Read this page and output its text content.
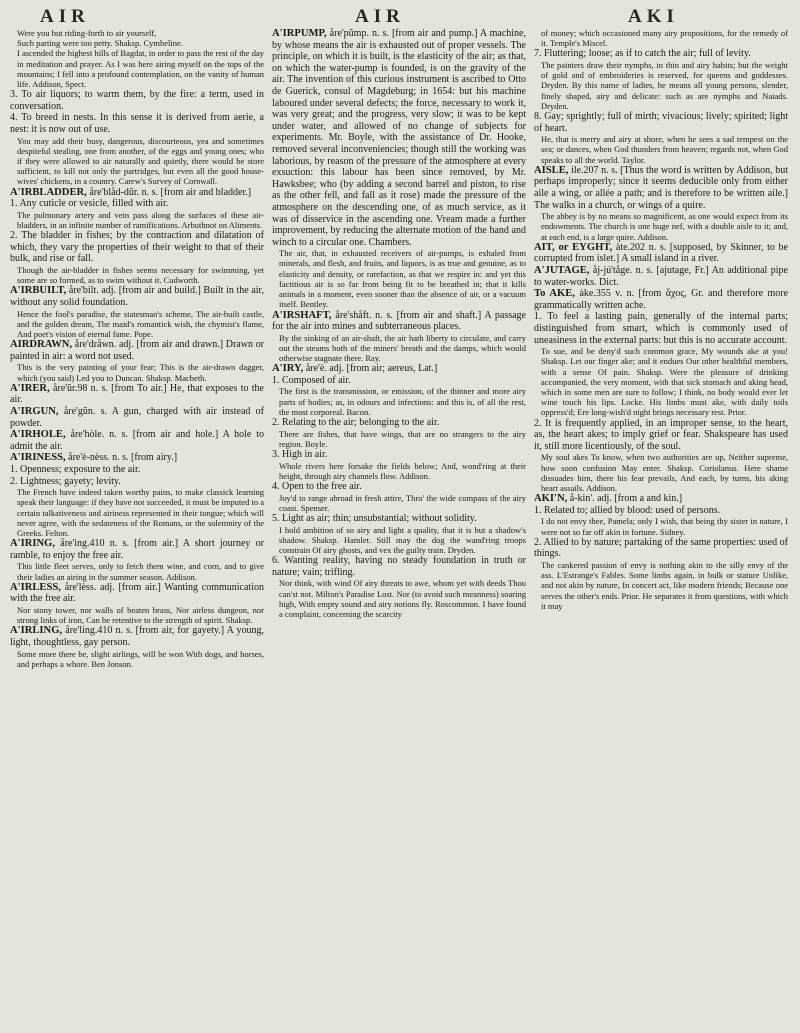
AIR	AIR	AKI

Were you but riding-forth to air yourself,

Such parting were too petty. Shaksp. Cymbeline.

I ascended the highest hills of Bagdat, in order to pass the rest of the day in meditation and prayer. As I was here airing myself on the tops of the mountains; I fell into a profound contemplation, on the vanity of human life. Addison, Spect.

3. To air liquors; to warm them, by the fire: a term, used in conversation.

4. To breed in nests. In this sense it is derived from aerie, a nest: it is now out of use.

You may add their busy, dangerous, discourteous, yea and sometimes despiteful stealing, one from another, of the eggs and young ones; who if they were allowed to air naturally and quietly, there would be store sufficient, to kill not only the partridges, but even all the good house-wives' chickens, in a country. Carew's Survey of Cornwall.

A'IRBLADDER, åre'blåd-dŭr. n. s. [from air and bladder.]

1. Any cuticle or vesicle, filled with air.

The pulmonary artery and vein pass along the surfaces of these air-bladders, in an infinite number of ramifications. Arbuthnot on Aliments.

2. The bladder in fishes; by the contraction and dilatation of which, they vary the properties of their weight to that of their bulk, and rise or fall.

Though the air-bladder in fishes seems necessary for swimming, yet some are so formed, as to swim without it. Cudworth.

A'IRBUILT, åre'bilt. adj. [from air and build.] Built in the air, without any solid foundation.

Hence the fool's paradise, the statesman's scheme, The air-built castle, and the golden dream, The maid's romantick wish, the chymist's flame, And poet's vision of eternal fame. Pope.

AIRDRAWN, åre'dråwn. adj. [from air and drawn.] Drawn or painted in air: a word not used.

This is the very painting of your fear; This is the air-drawn dagger, which (you said) Led you to Duncan. Shaksp. Macbeth.

A'IRER, åre'ŭr.98 n. s. [from To air.] He, that exposes to the air.

A'IRGUN, åre'gŭn. s. A gun, charged with air instead of powder.

A'IRHOLE, åre'hòle. n. s. [from air and hole.] A hole to admit the air.

A'IRINESS, åre'è-nèss. n. s. [from airy.]

1. Openness; exposure to the air.

2. Lightness; gayety; levity.

The French have indeed taken worthy pains, to make classick learning speak their language: if they have not succeeded, it must be imputed to a certain talkativeness and airiness represented in their tongue; which will never agree, with the sedateness of the Romans, or the solemnity of the Greeks. Felton.

A'IRING, åre'ing.410 n. s. [from air.] A short journey or ramble, to enjoy the free air.

This little fleet serves, only to fetch them wine, and corn, and to give their ladies an airing in the summer season. Addison.

A'IRLESS, åre'lèss. adj. [from air.] Wanting communication with the free air.

Nor stony tower, nor walls of beaten brass, Nor airless dungeon, nor strong links of iron, Can be retentive to the strength of spirit. Shaksp.

A'IRLING, åre'ling.410 n. s. [from air, for gayety.] A young, light, thoughtless, gay person.

Some more there be, slight airlings, will be won With dogs, and horses, and perhaps a whore. Ben Jonson.

A'IRPUMP, åre'pŭmp. n. s. [from air and pump.] A machine, by whose means the air is exhausted out of proper vessels. The principle, on which it is built, is the elasticity of the air; as that, on which the water-pump is founded, is on the gravity of the air. The invention of this curious instrument is ascribed to Otto de Guerick, consul of Magdeburg; in 1654: but his machine laboured under several defects; the force, necessary to work it, was very great; and the progress, very slow; it was to be kept under water, and allowed of no change of subjects for experiments. Mr. Boyle, with the assistance of Dr. Hooke, removed several inconveniencies; though still the working was laborious, by reason of the pressure of the atmosphere at every exsuction: this labour has been since removed, by Mr. Hawksbee; who (by adding a second barrel and piston, to rise as the other fell, and fall as it rose) made the pressure of the atmosphere on the descending one, of as much service, as it was of disservice in the ascending one. Vream made a further improvement, by reducing the alternate motion of the hand and winch to a circular one. Chambers.

The air, that, in exhausted receivers of air-pumps, is exhaled from minerals, and flesh, and fruits, and liquors, is as true and genuine, as to elasticity and density, or rarefaction, as that we respire in: and yet this factitious air is so far from being fit to be breathed in; that it kills animals in a moment, even sooner than the absence of air, or a vacuum itself. Bentley.

A'IRSHAFT, åre'shåft. n. s. [from air and shaft.] A passage for the air into mines and subterraneous places.

By the sinking of an air-shaft, the air hath liberty to circulate, and carry out the steams both of the miners' breath and the damps, which would otherwise stagnate there. Ray.

A'IRY, åre'è. adj. [from air; aereus, Lat.]

1. Composed of air.

The first is the transmission, or emission, of the thinner and more airy parts of bodies; as, in odours and infections: and this is, of all the rest, the most corporeal. Bacon.

2. Relating to the air; belonging to the air.

There are fishes, that have wings, that are no strangers to the airy region. Boyle.

3. High in air.

Whole rivers here forsake the fields below; And, wond'ring at their height, through airy channels flow. Addison.

4. Open to the free air.

Joy'd to range abroad in fresh attire, Thro' the wide compass of the airy coast. Spenser.

5. Light as air; thin; unsubstantial; without solidity.

I hold ambition of so airy and light a quality, that it is but a shadow's shadow. Shaksp. Hamlet. Still may the dog the wand'ring troops constrain Of airy ghosts, and vex the guilty train. Dryden.

6. Wanting reality, having no steady foundation in truth or nature; vain; trifling.

Nor think, with wind Of airy threats to awe, whom yet with deeds Thou can'st not. Milton's Paradise Lost. Nor (to avoid such meanness) soaring high, With empty sound and airy notions fly. Roscommon. I have found a complaint, concerning the scarcity

of money; which occasioned many airy propositions, for the remedy of it. Temple's Miscel.

7. Fluttering; loose; as if to catch the air; full of levity.

The painters draw their nymphs, in thin and airy habits; but the weight of gold and of embroideries is reserved, for queens and goddesses. Dryden. By this name of ladies, he means all young persons, slender, finely shaped, airy and delicate: such as are nymphs and Naiads. Dryden.

8. Gay; sprightly; full of mirth; vivacious; lively; spirited; light of heart.

He, that is merry and airy at shore, when he sees a sad tempest on the sea; or dances, when God thunders from heaven; regards not, when God speaks to all the world. Taylor.

AISLE, ile.207 n. s. [Thus the word is written by Addison, but perhaps improperly; since it seems deducible only from either aile a wing, or allée a path; and is therefore to be written aile.] The walks in a church, or wings of a quire.

The abbey is by no means so magnificent, as one would expect from its endowments. The church is one huge nef, with a double aisle to it; and, at each end, is a large quire. Addison.

AIT, or EYGHT, àte.202 n. s. [supposed, by Skinner, to be corrupted from islet.] A small island in a river.

A'JUTAGE, åj-jú'tåge. n. s. [ajutage, Fr.] An additional pipe to water-works. Dict.

To AKE, àke.355 v. n. [from ἄχος, Gr. and therefore more grammatically written ache.

1. To feel a lasting pain, generally of the internal parts; distinguished from smart, which is commonly used of uneasiness in the external parts: but this is no accurate account.

To sue, and be deny'd such common grace, My wounds ake at you! Shaksp. Let our finger ake; and it endues Our other healthful members, with a sense Of pain. Shaksp. Were the pleasure of drinking accompanied, the very moment, with that sick stomach and aking head, which in some men are sure to follow; I think, no body would ever let wine touch his lips. Locke. His limbs must ake, with daily toils oppress'd; Ere long-wish'd night brings necessary rest. Prior.

2. It is frequently applied, in an improper sense, to the heart, as, the heart akes; to imply grief or fear. Shakspeare has used it, still more licentiously, of the soul.

My soul akes To know, when two authorities are up, Neither supreme, how soon confusion May enter. Shaksp. Coriolanus. Here shame dissuades him, there his fear prevails, And each, by turns, his aking heart assails. Addison.

AKI'N, å-kin'. adj. [from a and kin.]

1. Related to; allied by blood: used of persons.

I do not envy thee, Pamela; only I wish, that being thy sister in nature, I were not so far off akin in fortune. Sidney.

2. Allied to by nature; partaking of the same properties: used of things.

The cankered passion of envy is nothing akin to the silly envy of the ass. L'Estrange's Fables. Some limbs again, in bulk or stature Unlike, and not akin by nature, In concert act, like modern friends; Because one serves the other's ends. Prior. He separates it from questions, with which it may
